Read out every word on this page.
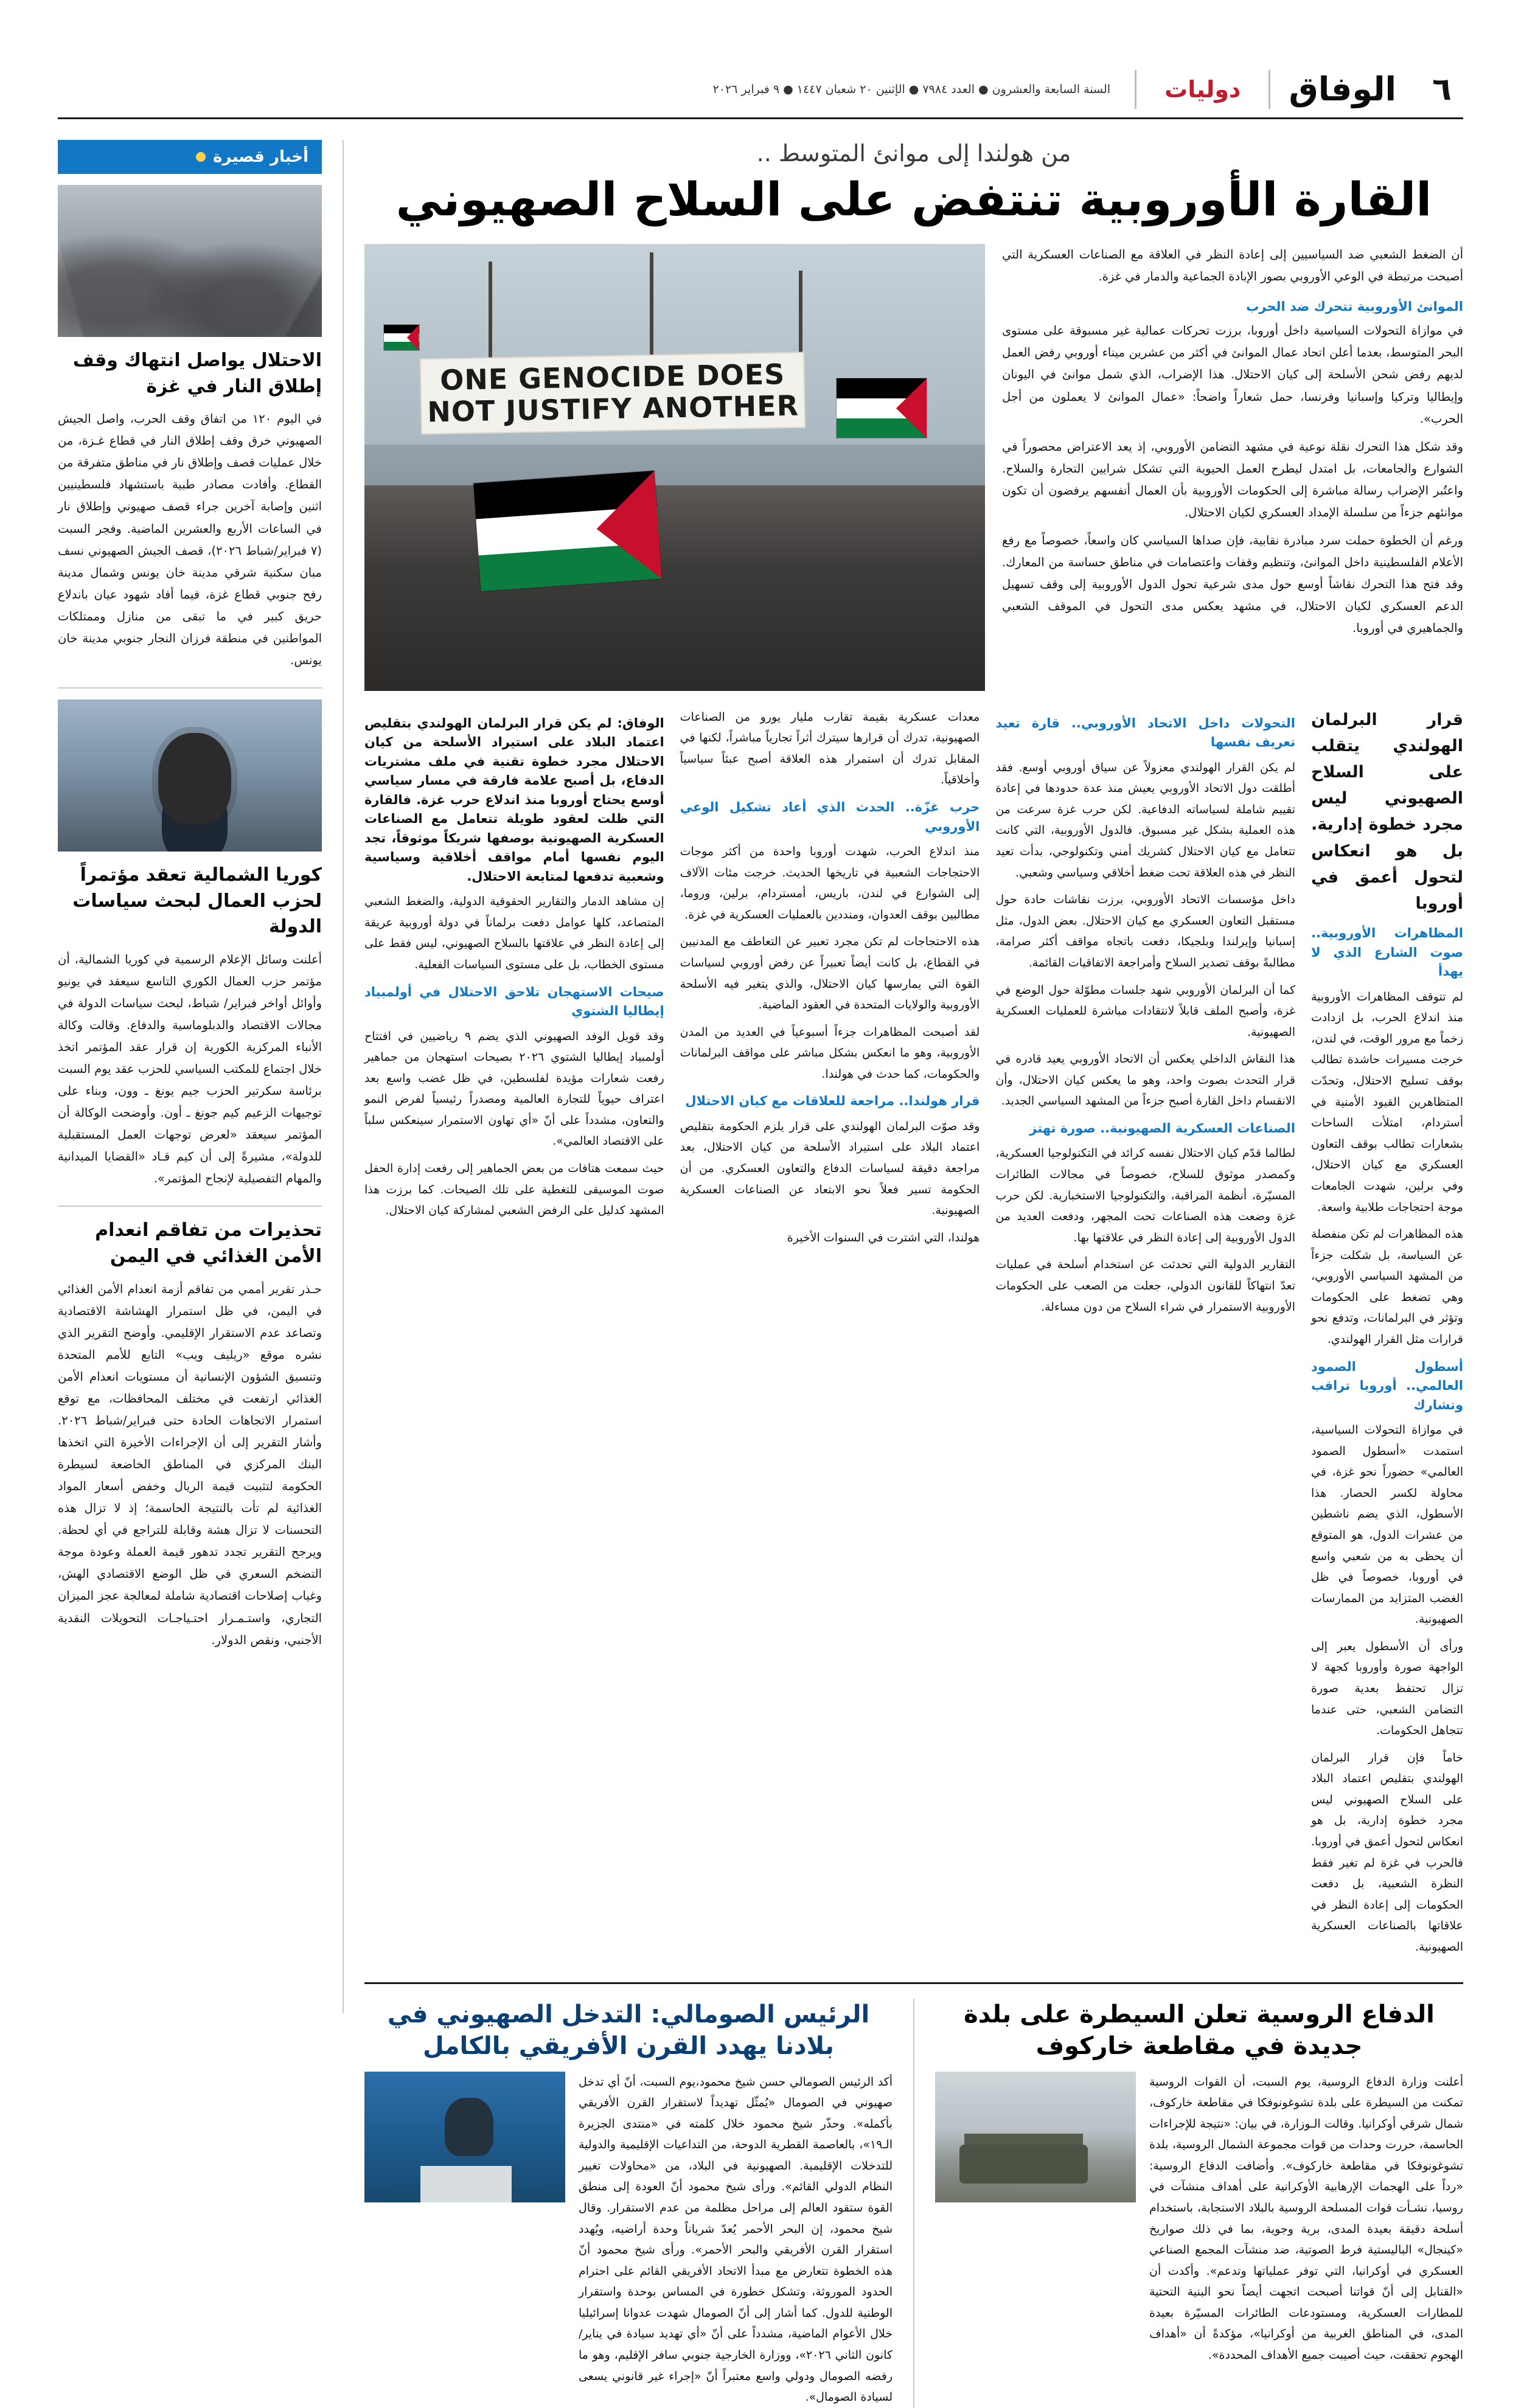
٦
الوفاق
دوليات
السنة السابعة والعشرون ● العدد ٧٩٨٤ ● الإثنين ٢٠ شعبان ١٤٤٧ ● ٩ فبراير ٢٠٢٦
من هولندا إلى موانئ المتوسط ..
القارة الأوروبية تنتفض على السلاح الصهيوني

أن الضغط الشعبي ضد السياسيين إلى إعادة النظر في العلاقة مع الصناعات العسكرية التي أصبحت مرتبطة في الوعي الأوروبي بصور الإبادة الجماعية والدمار في غزة.

الموانئ الأوروبية تتحرك ضد الحرب

في موازاة التحولات السياسية داخل أوروبا، برزت تحركات عمالية غير مسبوقة على مستوى البحر المتوسط، بعدما أعلن اتحاد عمال الموانئ في أكثر من عشرين ميناء أوروبي رفض العمل لديهم رفض شحن الأسلحة إلى كيان الاحتلال. هذا الإضراب، الذي شمل موانئ في اليونان وإيطاليا وتركيا وإسبانيا وفرنسا، حمل شعاراً واضحاً: «عمال الموانئ لا يعملون من أجل الحرب».

وقد شكل هذا التحرك نقلة نوعية في مشهد التضامن الأوروبي، إذ يعد الاعتراض محصوراً في الشوارع والجامعات، بل امتدل ليطرح العمل الحيوية التي تشكل شرايين التجارة والسلاح. واعتُبر الإضراب رسالة مباشرة إلى الحكومات الأوروبية بأن العمال أنفسهم يرفضون أن تكون موانئهم جزءاً من سلسلة الإمداد العسكري لكيان الاحتلال.

ورغم أن الخطوة حملت سرد مبادرة نقابية، فإن صداها السياسي كان واسعاً، خصوصاً مع رفع الأعلام الفلسطينية داخل الموانئ، وتنظيم وقفات واعتصامات في مناطق حساسة من المعارك. وقد فتح هذا التحرك نقاشاً أوسع حول مدى شرعية تحول الدول الأوروبية إلى وقف تسهيل الدعم العسكري لكيان الاحتلال، في مشهد يعكس مدى التحول في الموقف الشعبي والجماهيري في أوروبا.

ONE GENOCIDE DOES NOT JUSTIFY ANOTHER
قرار البرلمان الهولندي يتقلب على السلاح الصهيوني ليس مجرد خطوة إدارية. بل هو انعكاس لتحول أعمق في أوروبا
المظاهرات الأوروبية.. صوت الشارع الذي لا يهدأ

لم تتوقف المظاهرات الأوروبية منذ اندلاع الحرب، بل ازدادت زخماً مع مرور الوقت، في لندن، خرجت مسيرات حاشدة تطالب بوقف تسليح الاحتلال، وتحدّت المتظاهرين القيود الأمنية في أستردام، امتلأت الساحات بشعارات تطالب بوقف التعاون العسكري مع كيان الاحتلال، وفي برلين، شهدت الجامعات موجة احتجاجات طلابية واسعة.

هذه المظاهرات لم تكن منفصلة عن السياسة، بل شكلت جزءاً من المشهد السياسي الأوروبي، وهي تضغط على الحكومات وتؤثر في البرلمانات، وتدفع نحو قرارات مثل القرار الهولندي.

أسطول الصمود العالمي.. أوروبا تراقب وتشارك

في موازاة التحولات السياسية، استمدت «أسطول الصمود العالمي» حضوراً نحو غزة، في محاولة لكسر الحصار. هذا الأسطول، الذي يضم ناشطين من عشرات الدول، هو المتوقع أن يحظى به من شعبي واسع في أوروبا، خصوصاً في ظل الغضب المتزايد من الممارسات الصهيونية.

ورأى أن الأسطول يعبر إلى الواجهة صورة وأوروبا كجهة لا تزال تحتفظ بعدية صورة التضامن الشعبي، حتى عندما تتجاهل الحكومات.

خاماً فإن قرار البرلمان الهولندي بتقليص اعتماد البلاد على السلاح الصهيوني ليس مجرد خطوة إدارية، بل هو انعكاس لتحول أعمق في أوروبا. فالحرب في غزة لم تغير فقط النظرة الشعبية، بل دفعت الحكومات إلى إعادة النظر في علاقاتها بالصناعات العسكرية الصهيونية.

التحولات داخل الاتحاد الأوروبي.. قارة تعيد تعريف نفسها

لم يكن القرار الهولندي معزولاً عن سياق أوروبي أوسع. فقد أطلقت دول الاتحاد الأوروبي يعيش منذ عدة حدودها في إعادة تقييم شاملة لسياساته الدفاعية. لكن حرب غزة سرعت من هذه العملية بشكل غير مسبوق. فالدول الأوروبية، التي كانت تتعامل مع كيان الاحتلال كشريك أمني وتكنولوجي، بدأت تعيد النظر في هذه العلاقة تحت ضغط أخلاقي وسياسي وشعبي.

داخل مؤسسات الاتحاد الأوروبي، برزت نقاشات حادة حول مستقبل التعاون العسكري مع كيان الاحتلال. بعض الدول، مثل إسبانيا وإيرلندا وبلجيكا، دفعت باتجاه مواقف أكثر صرامة، مطالبةً بوقف تصدير السلاح وأمراجعة الاتفاقيات القائمة.

كما أن البرلمان الأوروبي شهد جلسات مطوّلة حول الوضع في غزة، وأصبح الملف قابلاً لانتقادات مباشرة للعمليات العسكرية الصهيونية.

هذا النقاش الداخلي يعكس أن الاتحاد الأوروبي يعيد قادره في قرار التحدث بصوت واحد، وهو ما يعكس كيان الاحتلال، وأن الانقسام داخل القارة أصبح جزءاً من المشهد السياسي الجديد.

الصناعات العسكرية الصهيونية.. صورة تهتز

لطالما قدّم كيان الاحتلال نفسه كرائد في التكنولوجيا العسكرية، وكمصدر موثوق للسلاح، خصوصاً في مجالات الطائرات المسيّرة، أنظمة المراقبة، والتكنولوجيا الاستخبارية. لكن حرب غزة وضعت هذه الصناعات تحت المجهر، ودفعت العديد من الدول الأوروبية إلى إعادة النظر في علاقتها بها.

التقارير الدولية التي تحدثت عن استخدام أسلحة في عمليات تعدّ انتهاكاً للقانون الدولي، جعلت من الصعب على الحكومات الأوروبية الاستمرار في شراء السلاح من دون مساءلة.

معدات عسكرية بقيمة تقارب مليار يورو من الصناعات الصهيونية، تدرك أن قرارها سيترك أثراً تجارياً مباشراً، لكنها في المقابل تدرك أن استمرار هذه العلاقة أصبح عبئاً سياسياً وأخلاقياً.

حرب غزّة.. الحدث الذي أعاد تشكيل الوعي الأوروبي

منذ اندلاع الحرب، شهدت أوروبا واحدة من أكثر موجات الاحتجاجات الشعبية في تاريخها الحديث. خرجت مئات الآلاف إلى الشوارع في لندن، باريس، أمستردام، برلين، وروما، مطالبين بوقف العدوان، ومنددين بالعمليات العسكرية في غزة.

هذه الاحتجاجات لم تكن مجرد تعبير عن التعاطف مع المدنيين في القطاع، بل كانت أيضاً تعبيراً عن رفض أوروبي لسياسات القوة التي يمارسها كيان الاحتلال، والذي يتغير فيه الأسلحة الأوروبية والولايات المتحدة في العقود الماضية.

لقد أصبحت المظاهرات جزءاً أسبوعياً في العديد من المدن الأوروبية، وهو ما انعكس بشكل مباشر على مواقف البرلمانات والحكومات، كما حدث في هولندا.

قرار هولندا.. مراجعة للعلاقات مع كيان الاحتلال

وقد صوّت البرلمان الهولندي على قرار يلزم الحكومة بتقليص اعتماد البلاد على استيراد الأسلحة من كيان الاحتلال، بعد مراجعة دقيقة لسياسات الدفاع والتعاون العسكري. من أن الحكومة تسير فعلاً نحو الابتعاد عن الصناعات العسكرية الصهيونية.

هولندا، التي اشترت في السنوات الأخيرة

الوفاق: لم يكن قرار البرلمان الهولندي بتقليص اعتماد البلاد على استيراد الأسلحة من كيان الاحتلال مجرد خطوة تقنية في ملف مشتريات الدفاع، بل أصبح علامة فارقة في مسار سياسي أوسع يحتاج أوروبا منذ اندلاع حرب غزة. فالقارة التي ظلت لعقود طويلة تتعامل مع الصناعات العسكرية الصهيونية بوصفها شريكاً موثوقاً، تجد اليوم نفسها أمام مواقف أخلاقية وسياسية وشعبية تدفعها لمتابعة الاحتلال.

إن مشاهد الدمار والتقارير الحقوقية الدولية، والضغط الشعبي المتصاعد، كلها عوامل دفعت برلماناً في دولة أوروبية عريقة إلى إعادة النظر في علاقتها بالسلاح الصهيوني، ليس فقط على مستوى الخطاب، بل على مستوى السياسات الفعلية.

صيحات الاستهجان تلاحق الاحتلال في أولمبياد إيطاليا الشتوي

وقد قوبل الوفد الصهيوني الذي يضم ٩ رياضيين في افتتاح أولمبياد إيطاليا الشتوي ٢٠٢٦ بصيحات استهجان من جماهير رفعت شعارات مؤيدة لفلسطين، في ظل غضب واسع بعد اعتراف حيوياً للتجارة العالمية ومصدراً رئيسياً لفرض النمو والتعاون، مشدداً على أنّ «أي تهاون الاستمرار سينعكس سلباً على الاقتصاد العالمي».

حيث سمعت هتافات من بعض الجماهير إلى رفعت إدارة الحفل صوت الموسيقى للتغطية على تلك الصيحات. كما برزت هذا المشهد كدليل على الرفض الشعبي لمشاركة كيان الاحتلال.

الدفاع الروسية تعلن السيطرة على بلدة جديدة في مقاطعة خاركوف
أعلنت وزارة الدفاع الروسية، يوم السبت، أن القوات الروسية تمكنت من السيطرة على بلدة تشوغونوفكا في مقاطعة خاركوف، شمال شرقي أوكرانيا. وقالت الـوزارة، في بيان: «نتيجة للإجراءات الحاسمة، حررت وحدات من قوات مجموعة الشمال الروسية، بلدة تشوغونوفكا في مقاطعة خاركوف». وأضافت الدفاع الروسية: «رداً على الهجمات الإرهابية الأوكرانية على أهداف منشآت في روسيا، نشـأت قوات المسلحة الروسية بالبلاد الاستجابة، باستخدام أسلحة دقيقة بعيدة المدى، برية وجوية، بما في ذلك صواريخ «كينجال» الباليستية فرط الصوتية، ضد منشآت المجمع الصناعي العسكري في أوكرانيا، التي توفر عملياتها وتدعم». وأكدت أن «القنابل إلى أنّ قواتنا أصبحت اتجهت أيضاً نحو البنية التحتية للمطارات العسكرية، ومستودعات الطائرات المسيّرة بعيدة المدى، في المناطق الغربية من أوكرانيا»، مؤكدةً أن «أهداف الهجوم تحققت، حيث أصيبت جميع الأهداف المحددة».
الرئيس الصومالي: التدخل الصهيوني في بلادنا يهدد القرن الأفريقي بالكامل
أكد الرئيس الصومالي حسن شيخ محمود،يوم السبت، أنّ أي تدخل صهيوني في الصومال «يُمثّل تهديداً لاستقرار القرن الأفريقي بأكمله». وحذّر شيخ محمود خلال كلمته في «منتدى الجزيرة الـ١٩»، بالعاصمة القطرية الدوحة، من التداعيات الإقليمية والدولية للتدخلات الإقليمية. الصهيونية في البلاد، من «محاولات تغيير النظام الدولي القائم». ورأى شيخ محمود أنّ العودة إلى منطق القوة ستقود العالم إلى مراحل مظلمة من عدم الاستقرار. وقال شيخ محمود، إن البحر الأحمر يُعدّ شرياناً وحدة أراضيه، ويُهدد استقرار القرن الأفريقي والبحر الأحمر». ورأى شيخ محمود أنّ هذه الخطوة تتعارض مع مبدأ الاتحاد الأفريقي القائم على احترام الحدود الموروثة، وتشكل خطورة في المساس بوحدة واستقرار الوطنية للدول. كما أشار إلى أنّ الصومال شهدت عدوانا إسرائيليا خلال الأعوام الماضية، مشدداً على أنّ «أي تهديد سيادة في يناير/كانون الثاني ٢٠٢٦»، ووزارة الخارجية جنوبي سافر الإقليم، وهو ما رفضه الصومال ودولي واسع معتبراً أنّ «إجراء غير قانوني يسعى لسيادة الصومال».
أخبار قصيرة
الاحتلال يواصل انتهاك وقف إطلاق النار في غزة
في اليوم ١٢٠ من اتفاق وقف الحرب، واصل الجيش الصهيوني خرق وقف إطلاق النار في قطاع غـزة، من خلال عمليات قصف وإطلاق نار في مناطق متفرقة من القطاع. وأفادت مصادر طبية باستشهاد فلسطينيين اثنين وإصابة آخرين جراء قصف صهيوني وإطلاق نار في الساعات الأربع والعشرين الماضية. وفجر السبت (٧ فبراير/شباط ٢٠٢٦)، قصف الجيش الصهيوني نسف مبان سكنية شرقي مدينة خان يونس وشمال مدينة رفح جنوبي قطاع غزة، فيما أفاد شهود عيان باندلاع حريق كبير في ما تبقى من منازل وممتلكات المواطنين في منطقة فرزان النجار جنوبي مدينة خان يونس.
كوريا الشمالية تعقد مؤتمراً لحزب العمال لبحث سياسات الدولة
أعلنت وسائل الإعلام الرسمية في كوريا الشمالية، أن مؤتمر حزب العمال الكوري التاسع سيعقد في يونيو وأوائل أواخر فبراير/ شباط، لبحث سياسات الدولة في مجالات الاقتصاد والدبلوماسية والدفاع. وقالت وكالة الأنباء المركزية الكورية إن قرار عقد المؤتمر اتخذ خلال اجتماع للمكتب السياسي للحزب عقد يوم السبت برئاسة سكرتير الحزب جيم يونغ ـ وون، وبناء على توجيهات الزعيم كيم جونغ ـ أون. وأوضحت الوكالة أن المؤتمر سيعقد «لعرض توجهات العمل المستقبلية للدولة»، مشيرةً إلى أن كيم قـاد «القضايا الميدانية والمهام التفصيلية لإنجاح المؤتمر».
تحذيرات من تفاقم انعدام الأمن الغذائي في اليمن
حـذر تقرير أممي من تفاقم أزمة انعدام الأمن الغذائي في اليمن، في ظل استمرار الهشاشة الاقتصادية وتصاعد عدم الاستقرار الإقليمي. وأوضح التقرير الذي نشره موقع «ريليف ويب» التابع للأمم المتحدة وتنسيق الشؤون الإنسانية أن مستويات انعدام الأمن الغذائي ارتفعت في مختلف المحافظات، مع توقع استمرار الاتجاهات الحادة حتى فبراير/شباط ٢٠٢٦. وأشار التقرير إلى أن الإجراءات الأخيرة التي اتخذها البنك المركزي في المناطق الخاضعة لسيطرة الحكومة لتثبيت قيمة الريال وخفض أسعار المواد الغذائية لم تأت بالنتيجة الحاسمة؛ إذ لا تزال هذه التحسنات لا تزال هشة وقابلة للتراجع في أي لحظة. ويرجح التقرير تجدد تدهور قيمة العملة وعودة موجة التضخم السعري في ظل الوضع الاقتصادي الهش، وغياب إصلاحات اقتصادية شاملة لمعالجة عجز الميزان التجاري، واستـمـرار احتـياجـات التحويلات النقدية الأجنبي، ونقص الدولار.
